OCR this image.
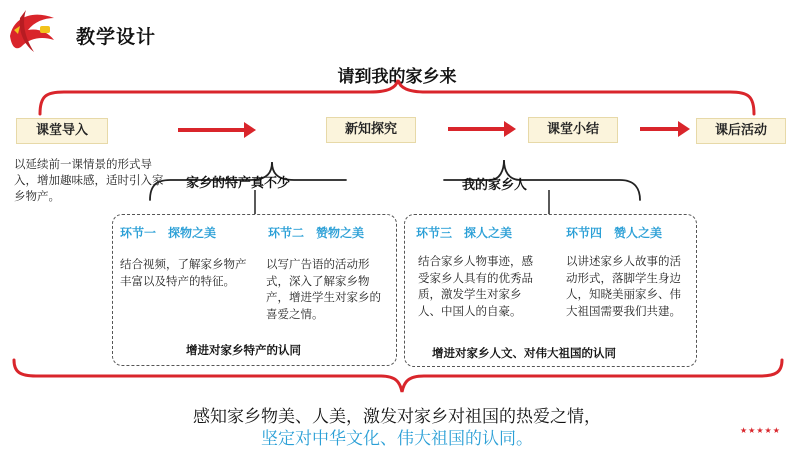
教学设计
请到我的家乡来
课堂导入	新知探究	课堂小结	课后活动
以延续前一课情景的形式导入，增加趣味感，适时引入家乡物产。
家乡的特产真不少	我的家乡人
环节一　探物之美	环节二　赞物之美	环节三　探人之美	环节四　赞人之美
结合视频，了解家乡物产丰富以及特产的特征。
以写广告语的活动形式，深入了解家乡物产，增进学生对家乡的喜爱之情。
结合家乡人物事迹，感受家乡人具有的优秀品质，激发学生对家乡人、中国人的自豪。
以讲述家乡人故事的活动形式，落脚学生身边人，知晓美丽家乡、伟大祖国需要我们共建。
增进对家乡特产的认同	增进对家乡人文、对伟大祖国的认同
感知家乡物美、人美，激发对家乡对祖国的热爱之情，
坚定对中华文化、伟大祖国的认同。	★★★★★
